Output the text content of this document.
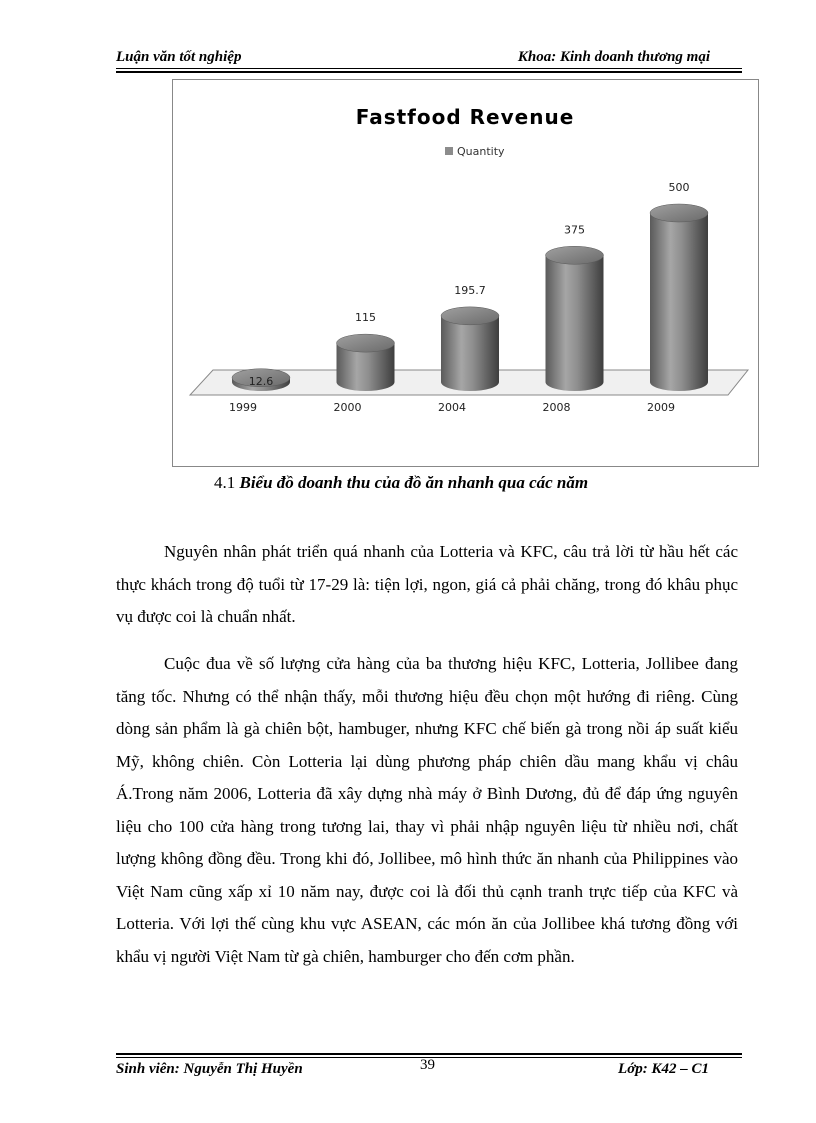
Luận văn tốt nghiệp	Khoa: Kinh doanh thương mại
Fastfood Revenue
Quantity
12.6
115
195.7
375
500
1999	2000	2004	2008	2009
4.1 Biểu đồ doanh thu của đồ ăn nhanh qua các năm
Nguyên nhân phát triển quá nhanh của Lotteria và KFC, câu trả lời từ hầu hết các thực khách trong độ tuổi từ 17-29 là: tiện lợi, ngon, giá cả phải chăng, trong đó khâu phục vụ được coi là chuẩn nhất.
Cuộc đua về số lượng cửa hàng của ba thương hiệu KFC, Lotteria, Jollibee đang tăng tốc. Nhưng có thể nhận thấy, mỗi thương hiệu đều chọn một hướng đi riêng. Cùng dòng sản phẩm là gà chiên bột, hambuger, nhưng KFC chế biến gà trong nồi áp suất kiểu Mỹ, không chiên. Còn Lotteria lại dùng phương pháp chiên dầu mang khẩu vị châu Á.Trong năm 2006, Lotteria đã xây dựng nhà máy ở Bình Dương, đủ để đáp ứng nguyên liệu cho 100 cửa hàng trong tương lai, thay vì phải nhập nguyên liệu từ nhiều nơi, chất lượng không đồng đều. Trong khi đó, Jollibee, mô hình thức ăn nhanh của Philippines vào Việt Nam cũng xấp xỉ 10 năm nay, được coi là đối thủ cạnh tranh trực tiếp của KFC và Lotteria. Với lợi thế cùng khu vực ASEAN, các món ăn của Jollibee khá tương đồng với khẩu vị người Việt Nam từ gà chiên, hamburger cho đến cơm phần.
Sinh viên: Nguyễn Thị Huyền	39	Lớp: K42 – C1
